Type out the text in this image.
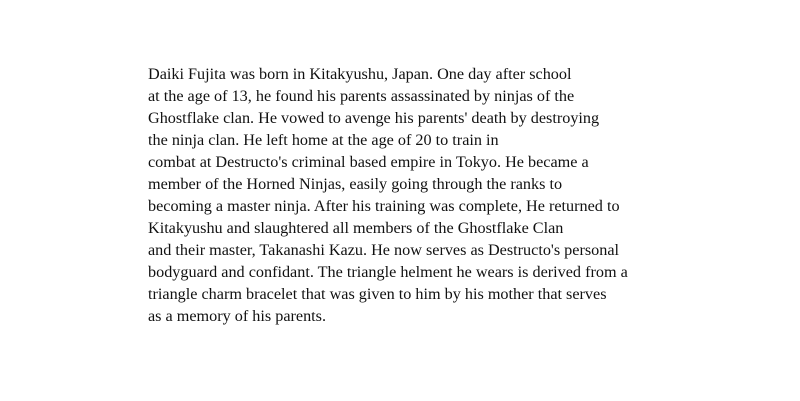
Daiki Fujita was born in Kitakyushu, Japan. One day after school
at the age of 13, he found his parents assassinated by ninjas of the
Ghostflake clan. He vowed to avenge his parents' death by destroying
the ninja clan. He left home at the age of 20 to train in
combat at Destructo's criminal based empire in Tokyo. He became a
member of the Horned Ninjas, easily going through the ranks to
becoming a master ninja. After his training was complete, He returned to
Kitakyushu and slaughtered all members of the Ghostflake Clan
and their master, Takanashi Kazu. He now serves as Destructo's personal
bodyguard and confidant. The triangle helment he wears is derived from a
triangle charm bracelet that was given to him by his mother that serves
as a memory of his parents.
